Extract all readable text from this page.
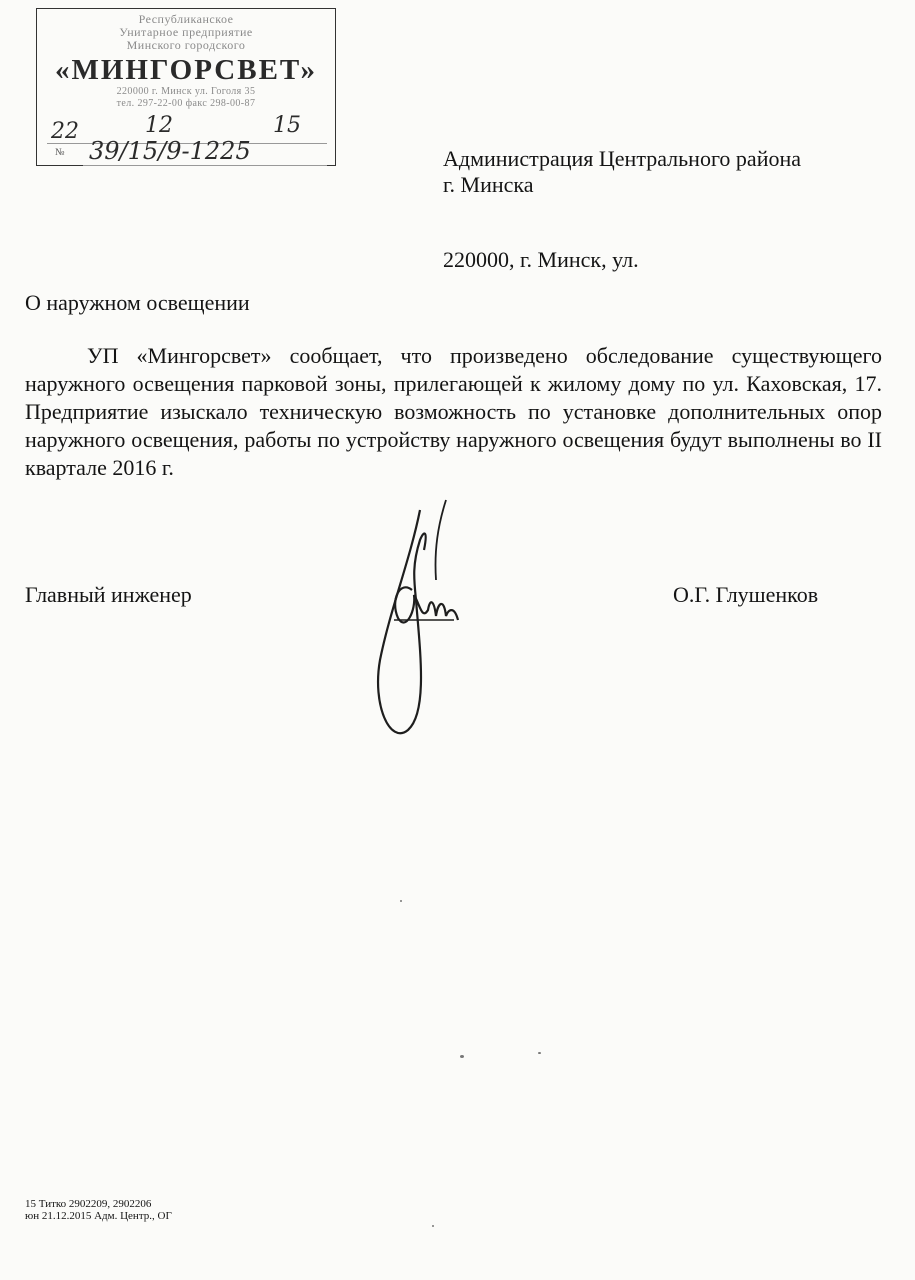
Республиканское
Унитарное предприятие
Минского городского
«МИНГОРСВЕТ»
220000 г. Минск ул. Гоголя 35
тел. 297-22-00 факс 298-00-87
22	12	15
№ 39/15/9-1225	Администрация Центрального района
г. Минска
220000, г. Минск, ул.
О наружном освещении

УП «Мингорсвет» сообщает, что произведено обследование существующего наружного освещения парковой зоны, прилегающей к жилому дому по ул. Каховская, 17. Предприятие изыскало техническую возможность по установке дополнительных опор наружного освещения, работы по устройству наружного освещения будут выполнены во II квартале 2016 г.

Главный инженер	О.Г. Глушенков
15 Титко 2902209, 2902206
юн 21.12.2015 Адм. Центр., ОГ
